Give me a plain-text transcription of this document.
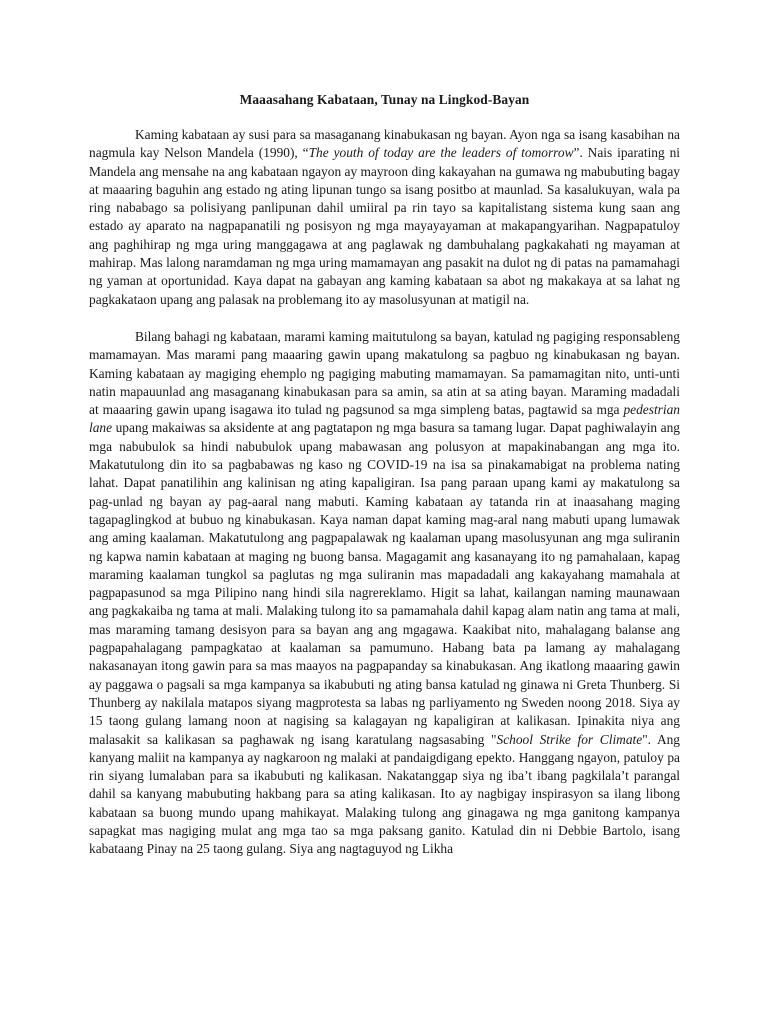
Maaasahang Kabataan, Tunay na Lingkod-Bayan

Kaming kabataan ay susi para sa masaganang kinabukasan ng bayan. Ayon nga sa isang kasabihan na nagmula kay Nelson Mandela (1990), “The youth of today are the leaders of tomorrow”. Nais iparating ni Mandela ang mensahe na ang kabataan ngayon ay mayroon ding kakayahan na gumawa ng mabubuting bagay at maaaring baguhin ang estado ng ating lipunan tungo sa isang positbo at maunlad. Sa kasalukuyan, wala pa ring nababago sa polisiyang panlipunan dahil umiiral pa rin tayo sa kapitalistang sistema kung saan ang estado ay aparato na nagpapanatili ng posisyon ng mga mayayayaman at makapangyarihan. Nagpapatuloy ang paghihirap ng mga uring manggagawa at ang paglawak ng dambuhalang pagkakahati ng mayaman at mahirap. Mas lalong naramdaman ng mga uring mamamayan ang pasakit na dulot ng di patas na pamamahagi ng yaman at oportunidad. Kaya dapat na gabayan ang kaming kabataan sa abot ng makakaya at sa lahat ng pagkakataon upang ang palasak na problemang ito ay masolusyunan at matigil na.

Bilang bahagi ng kabataan, marami kaming maitutulong sa bayan, katulad ng pagiging responsableng mamamayan. Mas marami pang maaaring gawin upang makatulong sa pagbuo ng kinabukasan ng bayan. Kaming kabataan ay magiging ehemplo ng pagiging mabuting mamamayan. Sa pamamagitan nito, unti-unti natin mapauunlad ang masaganang kinabukasan para sa amin, sa atin at sa ating bayan. Maraming madadali at maaaring gawin upang isagawa ito tulad ng pagsunod sa mga simpleng batas, pagtawid sa mga pedestrian lane upang makaiwas sa aksidente at ang pagtatapon ng mga basura sa tamang lugar. Dapat paghiwalayin ang mga nabubulok sa hindi nabubulok upang mabawasan ang polusyon at mapakinabangan ang mga ito. Makatutulong din ito sa pagbabawas ng kaso ng COVID-19 na isa sa pinakamabigat na problema nating lahat. Dapat panatilihin ang kalinisan ng ating kapaligiran. Isa pang paraan upang kami ay makatulong sa pag-unlad ng bayan ay pag-aaral nang mabuti. Kaming kabataan ay tatanda rin at inaasahang maging tagapaglingkod at bubuo ng kinabukasan. Kaya naman dapat kaming mag-aral nang mabuti upang lumawak ang aming kaalaman. Makatutulong ang pagpapalawak ng kaalaman upang masolusyunan ang mga suliranin ng kapwa namin kabataan at maging ng buong bansa. Magagamit ang kasanayang ito ng pamahalaan, kapag maraming kaalaman tungkol sa paglutas ng mga suliranin mas mapadadali ang kakayahang mamahala at pagpapasunod sa mga Pilipino nang hindi sila nagrereklamo. Higit sa lahat, kailangan naming maunawaan ang pagkakaiba ng tama at mali. Malaking tulong ito sa pamamahala dahil kapag alam natin ang tama at mali, mas maraming tamang desisyon para sa bayan ang ang mgagawa. Kaakibat nito, mahalagang balanse ang pagpapahalagang pampagkatao at kaalaman sa pamumuno. Habang bata pa lamang ay mahalagang nakasanayan itong gawin para sa mas maayos na pagpapanday sa kinabukasan. Ang ikatlong maaaring gawin ay paggawa o pagsali sa mga kampanya sa ikabubuti ng ating bansa katulad ng ginawa ni Greta Thunberg. Si Thunberg ay nakilala matapos siyang magprotesta sa labas ng parliyamento ng Sweden noong 2018. Siya ay 15 taong gulang lamang noon at nagising sa kalagayan ng kapaligiran at kalikasan. Ipinakita niya ang malasakit sa kalikasan sa paghawak ng isang karatulang nagsasabing "School Strike for Climate". Ang kanyang maliit na kampanya ay nagkaroon ng malaki at pandaigdigang epekto. Hanggang ngayon, patuloy pa rin siyang lumalaban para sa ikabubuti ng kalikasan. Nakatanggap siya ng iba’t ibang pagkilala’t parangal dahil sa kanyang mabubuting hakbang para sa ating kalikasan. Ito ay nagbigay inspirasyon sa ilang libong kabataan sa buong mundo upang mahikayat. Malaking tulong ang ginagawa ng mga ganitong kampanya sapagkat mas nagiging mulat ang mga tao sa mga paksang ganito. Katulad din ni Debbie Bartolo, isang kabataang Pinay na 25 taong gulang. Siya ang nagtaguyod ng Likha
